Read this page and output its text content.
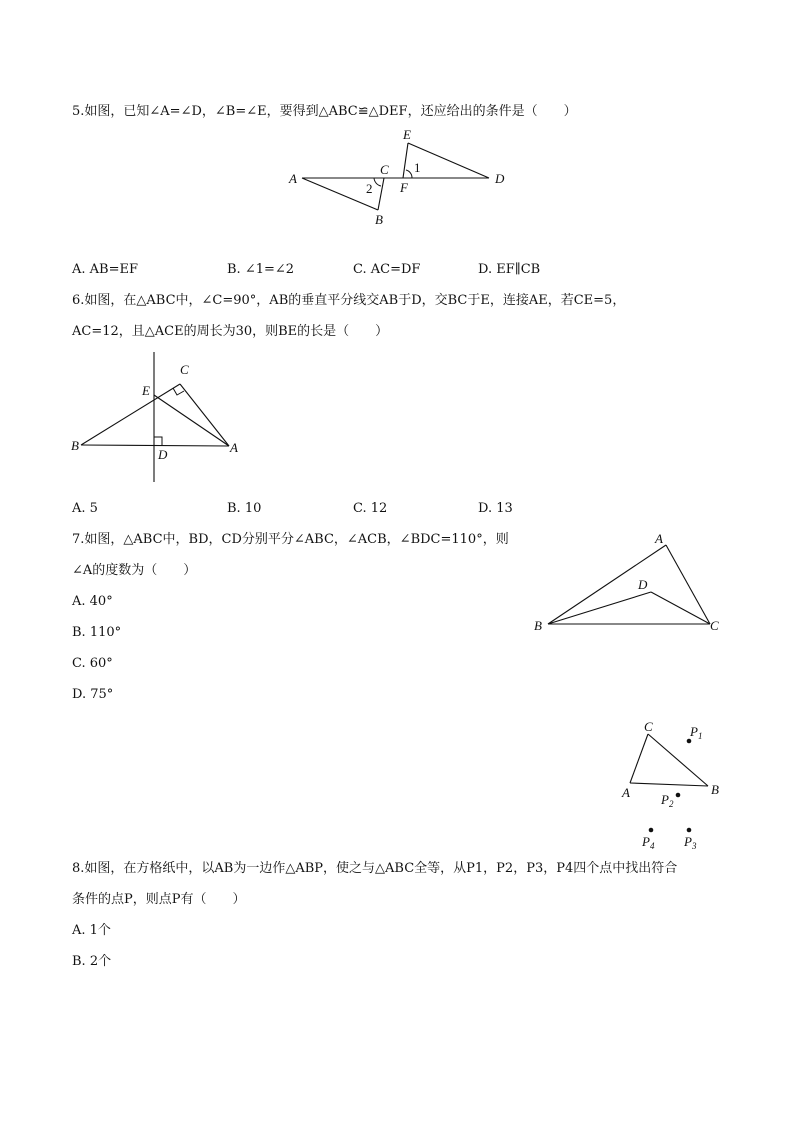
5.如图，已知∠A=∠D，∠B=∠E，要得到△ABC≌△DEF，还应给出的条件是（　　）
A
B
C
D
E
F
1
2
A. AB=EF	B. ∠1=∠2	C. AC=DF	D. EF∥CB
6.如图，在△ABC中，∠C=90°，AB的垂直平分线交AB于D，交BC于E，连接AE，若CE=5，
AC=12，且△ACE的周长为30，则BE的长是（　　）
B	A
C
E
D
A. 5	B. 10	C. 12	D. 13
7.如图，△ABC中，BD，CD分别平分∠ABC，∠ACB，∠BDC=110°，则
∠A的度数为（　　）
B	C
A
D
A. 40°
B. 110°
C. 60°
D. 75°
C
A	B
$P_1$
$P_2$
$P_3$
$P_4$
8.如图，在方格纸中，以AB为一边作△ABP，使之与△ABC全等，从P1，P2，P3，P4四个点中找出符合
条件的点P，则点P有（　　）
A. 1个
B. 2个
